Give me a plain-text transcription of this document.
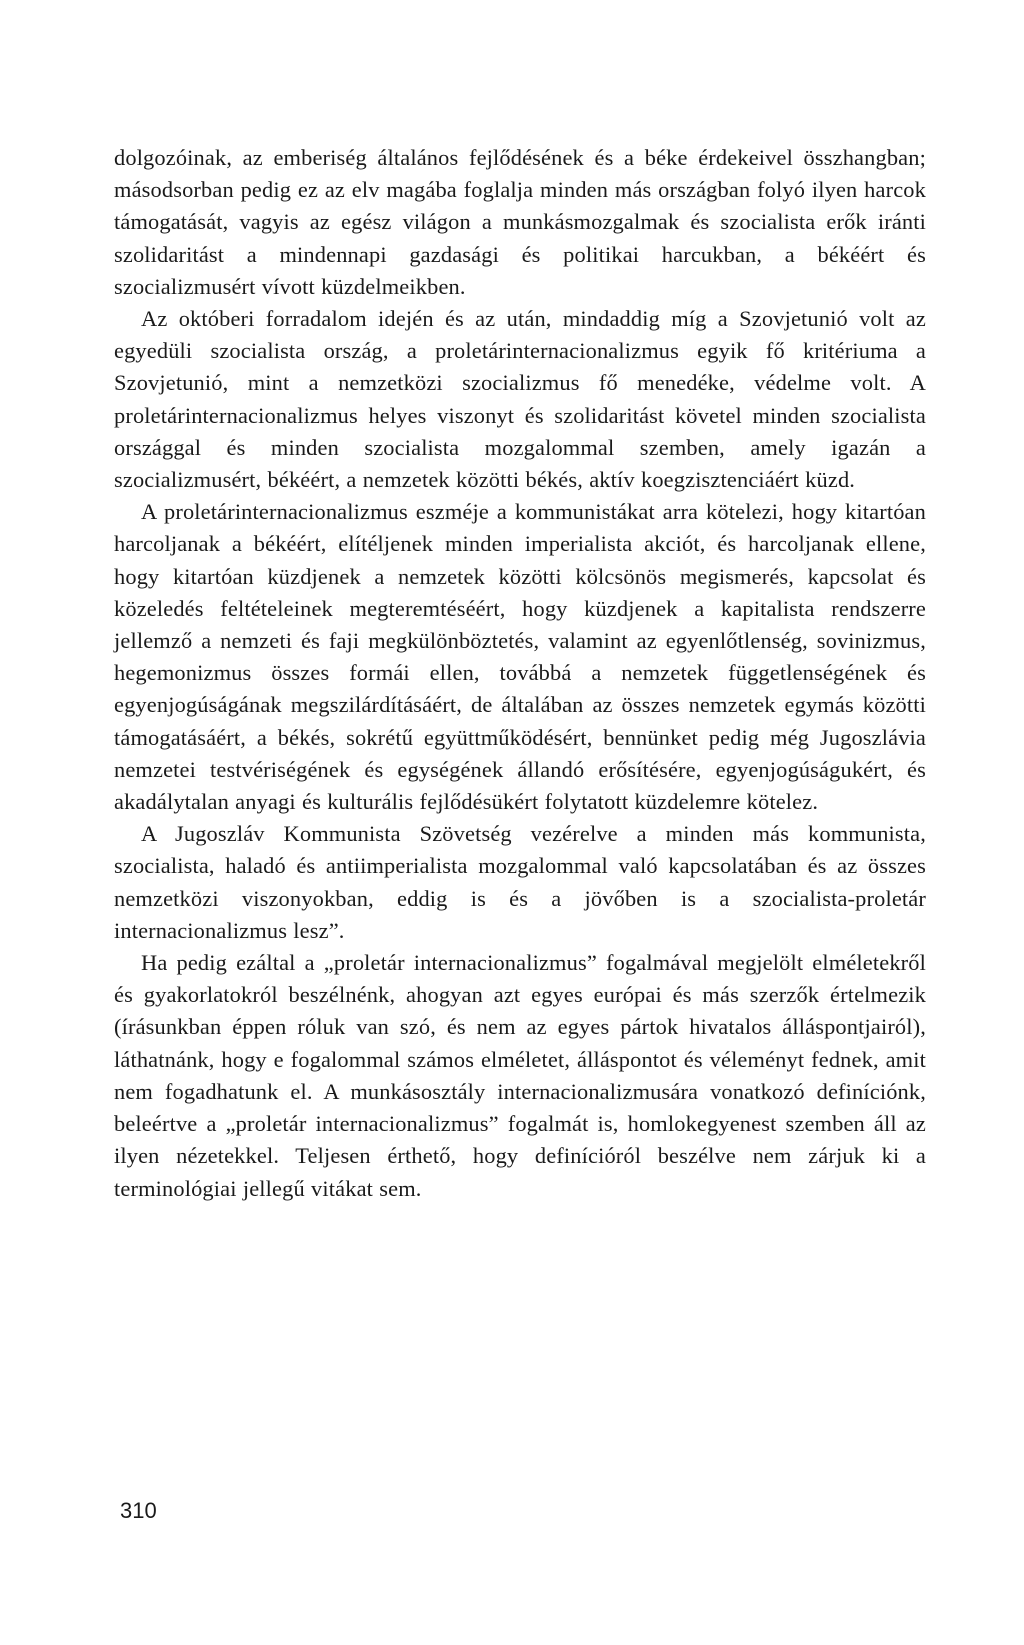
dolgozóinak, az emberiség általános fejlődésének és a béke érdekeivel összhangban; másodsorban pedig ez az elv magába foglalja minden más országban folyó ilyen harcok támogatását, vagyis az egész világon a munkásmozgalmak és szocialista erők iránti szolidaritást a mindennapi gazdasági és politikai harcukban, a békéért és szocializmusért vívott küzdelmeikben.

Az októberi forradalom idején és az után, mindaddig míg a Szovjetunió volt az egyedüli szocialista ország, a proletárinternacionalizmus egyik fő kritériuma a Szovjetunió, mint a nemzetközi szocializmus fő menedéke, védelme volt. A proletárinternacionalizmus helyes viszonyt és szolidaritást követel minden szocialista országgal és minden szocialista mozgalommal szemben, amely igazán a szocializmusért, békéért, a nemzetek közötti békés, aktív koegzisztenciáért küzd.

A proletárinternacionalizmus eszméje a kommunistákat arra kötelezi, hogy kitartóan harcoljanak a békéért, elítéljenek minden imperialista akciót, és harcoljanak ellene, hogy kitartóan küzdjenek a nemzetek közötti kölcsönös megismerés, kapcsolat és közeledés feltételeinek megteremtéséért, hogy küzdjenek a kapitalista rendszerre jellemző a nemzeti és faji megkülönböztetés, valamint az egyenlőtlenség, sovinizmus, hegemonizmus összes formái ellen, továbbá a nemzetek függetlenségének és egyenjogúságának megszilárdításáért, de általában az összes nemzetek egymás közötti támogatásáért, a békés, sokrétű együttműködésért, bennünket pedig még Jugoszlávia nemzetei testvériségének és egységének állandó erősítésére, egyenjogúságukért, és akadálytalan anyagi és kulturális fejlődésükért folytatott küzdelemre kötelez.

A Jugoszláv Kommunista Szövetség vezérelve a minden más kommunista, szocialista, haladó és antiimperialista mozgalommal való kapcsolatában és az összes nemzetközi viszonyokban, eddig is és a jövőben is a szocialista-proletár internacionalizmus lesz”.

Ha pedig ezáltal a „proletár internacionalizmus” fogalmával megjelölt elméletekről és gyakorlatokról beszélnénk, ahogyan azt egyes európai és más szerzők értelmezik (írásunkban éppen róluk van szó, és nem az egyes pártok hivatalos álláspontjairól), láthatnánk, hogy e fogalommal számos elméletet, álláspontot és véleményt fednek, amit nem fogadhatunk el. A munkásosztály internacionalizmusára vonatkozó definíciónk, beleértve a „proletár internacionalizmus” fogalmát is, homlokegyenest szemben áll az ilyen nézetekkel. Teljesen érthető, hogy definícióról beszélve nem zárjuk ki a terminológiai jellegű vitákat sem.

310
